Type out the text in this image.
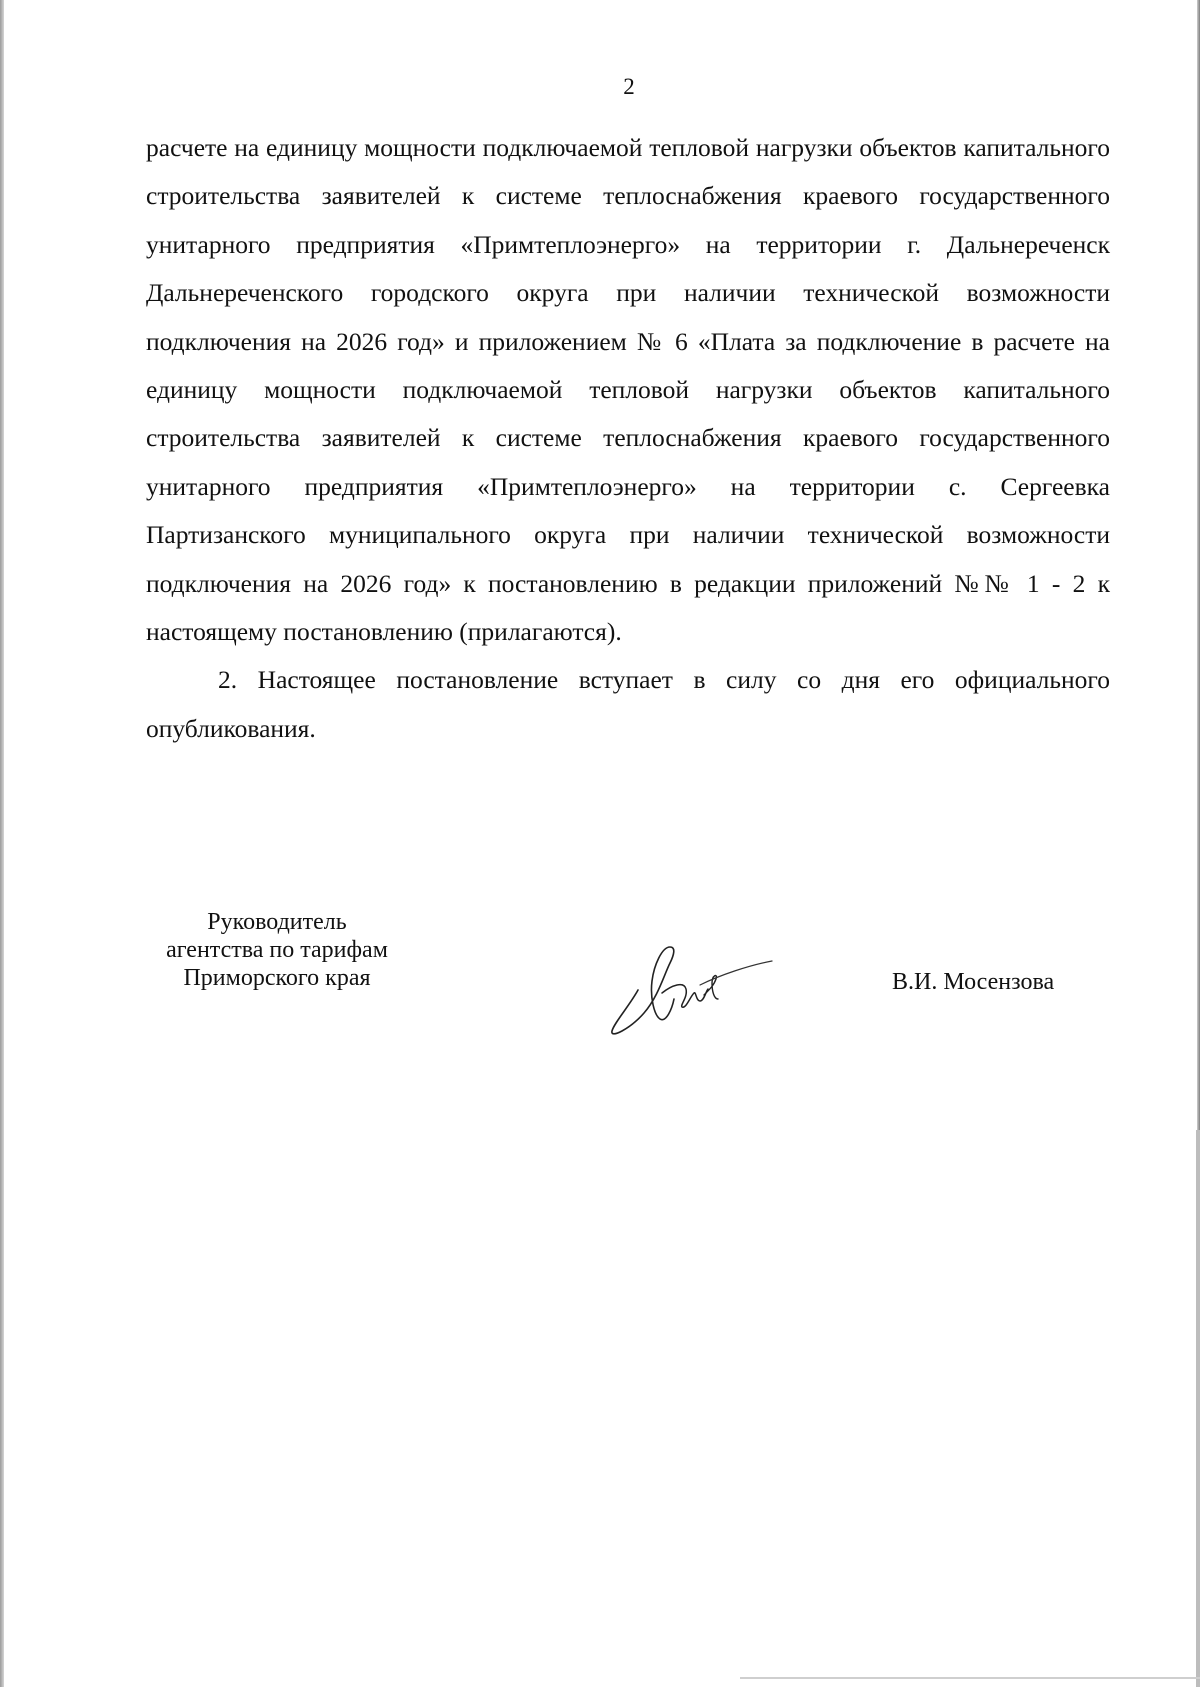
2

расчете на единицу мощности подключаемой тепловой нагрузки объектов капитального строительства заявителей к системе теплоснабжения краевого государственного унитарного предприятия «Примтеплоэнерго» на территории г. Дальнереченск Дальнереченского городского округа при наличии технической возможности подключения на 2026 год» и приложением № 6 «Плата за подключение в расчете на единицу мощности подключаемой тепловой нагрузки объектов капитального строительства заявителей к системе теплоснабжения краевого государственного унитарного предприятия «Примтеплоэнерго» на территории с. Сергеевка Партизанского муниципального округа при наличии технической возможности подключения на 2026 год» к постановлению в редакции приложений №№ 1 - 2 к настоящему постановлению (прилагаются).

2. Настоящее постановление вступает в силу со дня его официального опубликования.

Руководитель
агентства по тарифам
Приморского края	В.И. Мосензова
